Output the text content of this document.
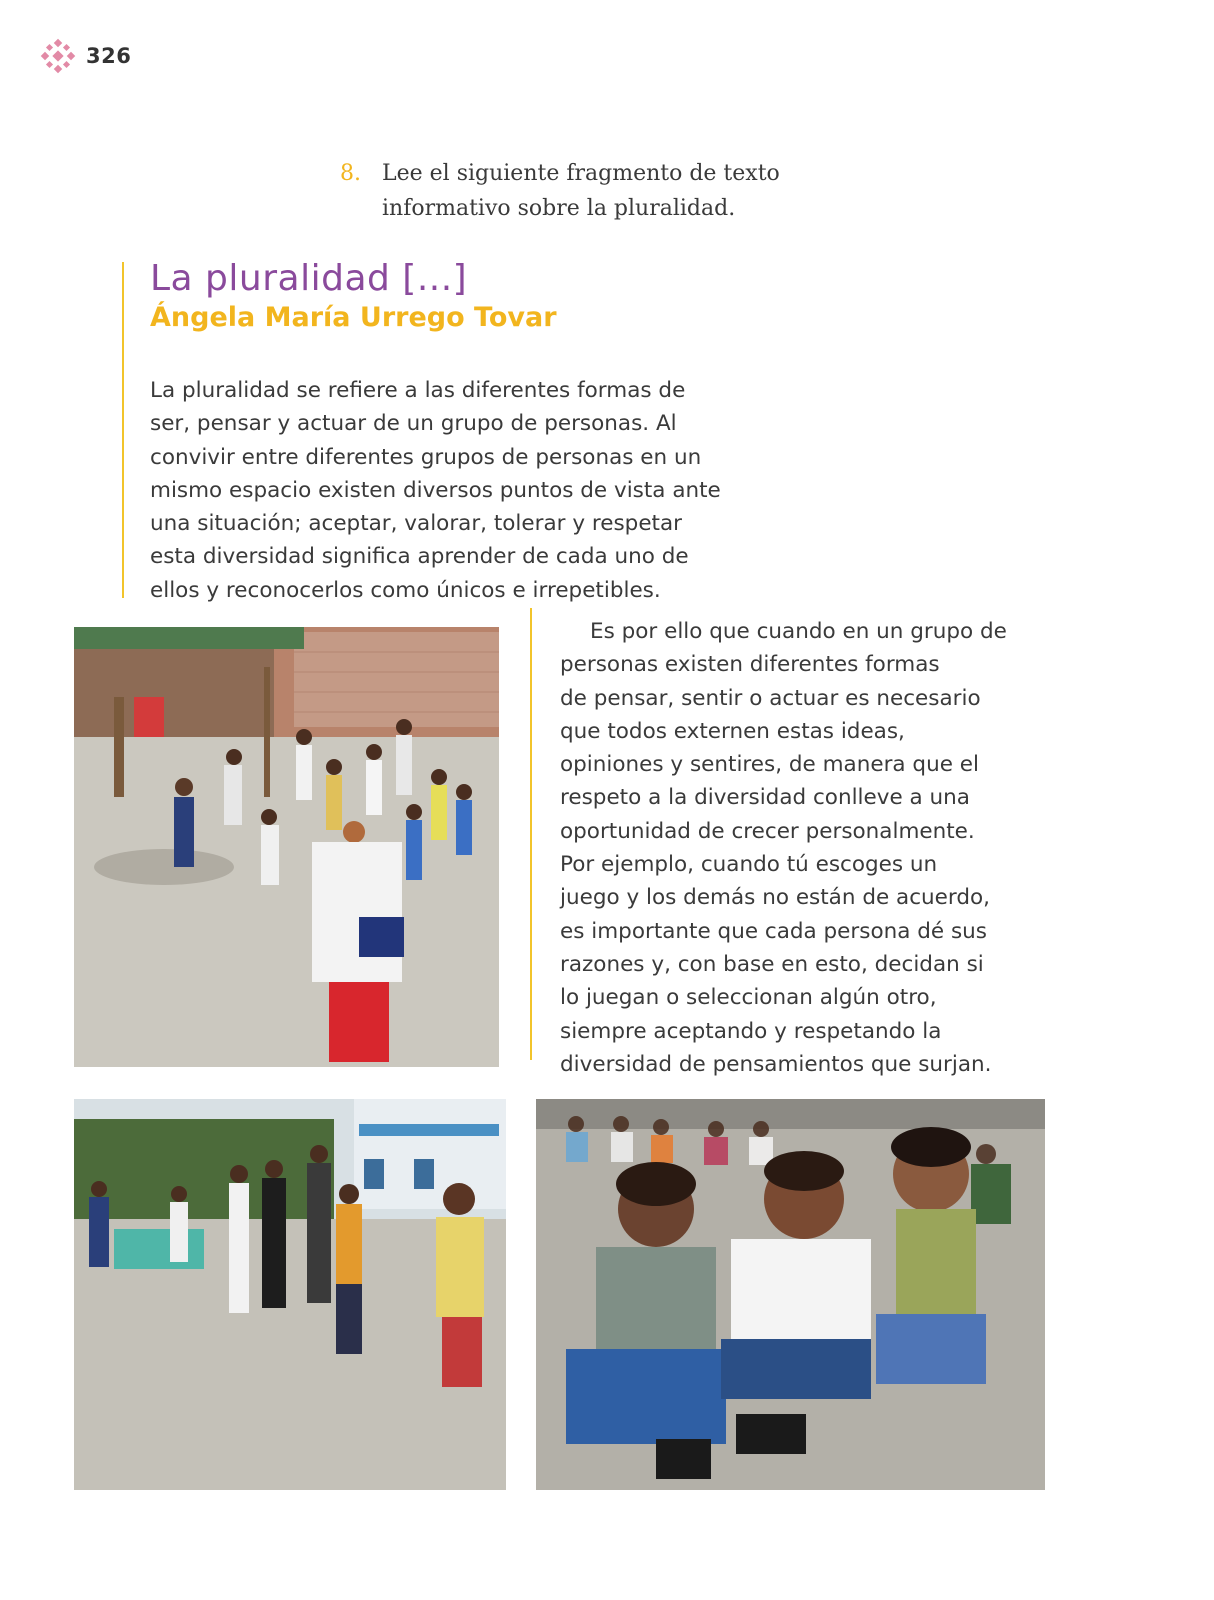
326
8. Lee el siguiente fragmento de texto
informativo sobre la pluralidad.
La pluralidad [...]
Ángela María Urrego Tovar
La pluralidad se refiere a las diferentes formas de
ser, pensar y actuar de un grupo de personas. Al
convivir entre diferentes grupos de personas en un
mismo espacio existen diversos puntos de vista ante
una situación; aceptar, valorar, tolerar y respetar
esta diversidad significa aprender de cada uno de
ellos y reconocerlos como únicos e irrepetibles.
Es por ello que cuando en un grupo de
personas existen diferentes formas
de pensar, sentir o actuar es necesario
que todos externen estas ideas,
opiniones y sentires, de manera que el
respeto a la diversidad conlleve a una
oportunidad de crecer personalmente.
Por ejemplo, cuando tú escoges un
juego y los demás no están de acuerdo,
es importante que cada persona dé sus
razones y, con base en esto, decidan si
lo juegan o seleccionan algún otro,
siempre aceptando y respetando la
diversidad de pensamientos que surjan.
